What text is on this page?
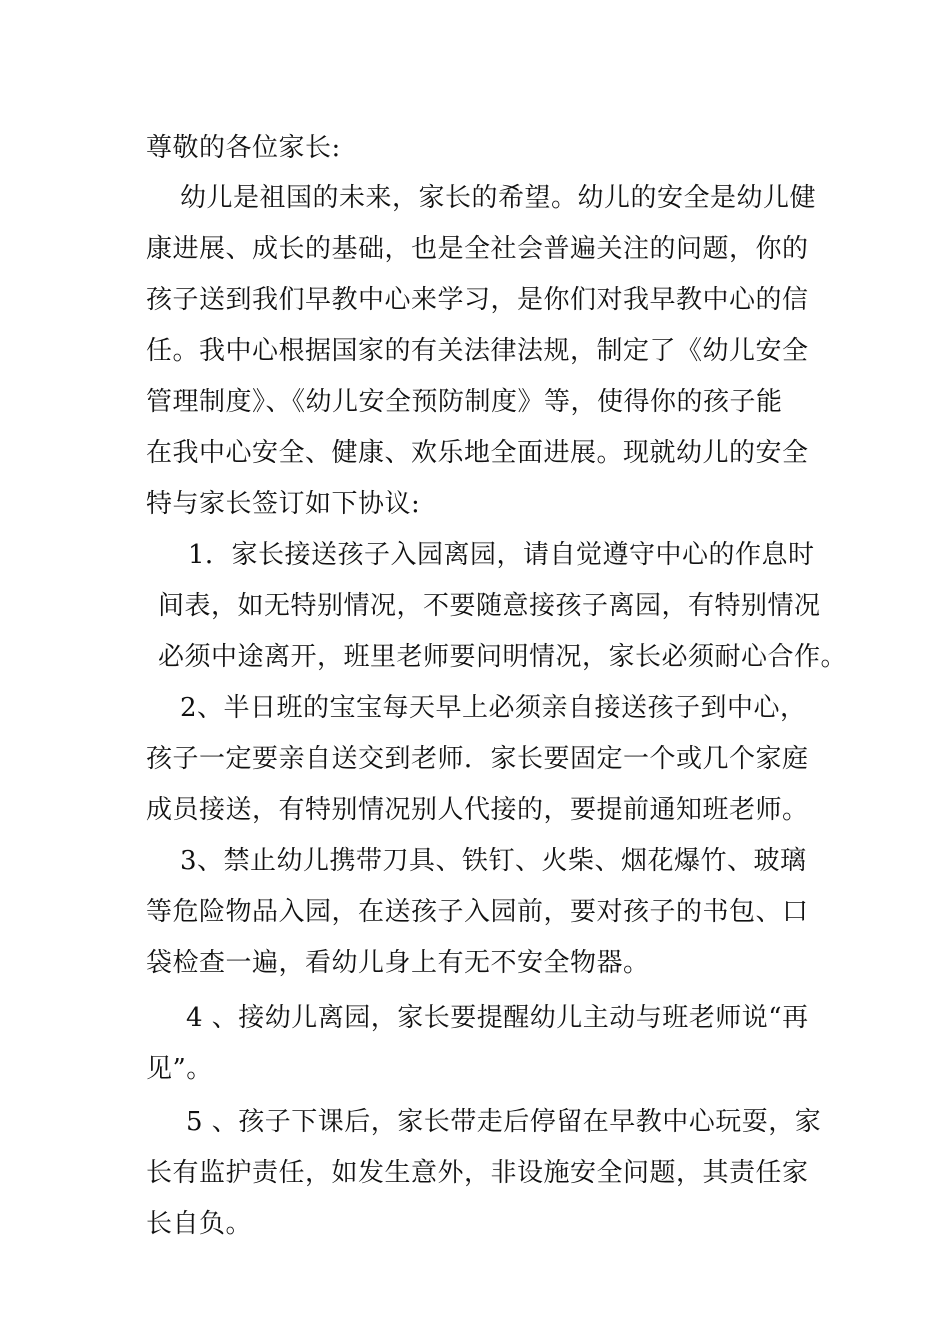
尊敬的各位家长:
幼儿是祖国的未来，家长的希望。幼儿的安全是幼儿健
康进展、成长的基础，也是全社会普遍关注的问题，你的
孩子送到我们早教中心来学习，是你们对我早教中心的信
任。我中心根据国家的有关法律法规，制定了《幼儿安全
管理制度》、《幼儿安全预防制度》等，使得你的孩子能
在我中心安全、健康、欢乐地全面进展。现就幼儿的安全
特与家长签订如下协议:
1．家长接送孩子入园离园，请自觉遵守中心的作息时
间表，如无特别情况，不要随意接孩子离园，有特别情况
必须中途离开，班里老师要问明情况，家长必须耐心合作。
2、半日班的宝宝每天早上必须亲自接送孩子到中心，
孩子一定要亲自送交到老师．家长要固定一个或几个家庭
成员接送，有特别情况别人代接的，要提前通知班老师。
3、禁止幼儿携带刀具、铁钉、火柴、烟花爆竹、玻璃
等危险物品入园，在送孩子入园前，要对孩子的书包、口
袋检查一遍，看幼儿身上有无不安全物器。
4 、接幼儿离园，家长要提醒幼儿主动与班老师说“再
见”。
5 、孩子下课后，家长带走后停留在早教中心玩耍，家
长有监护责任，如发生意外，非设施安全问题，其责任家
长自负。
